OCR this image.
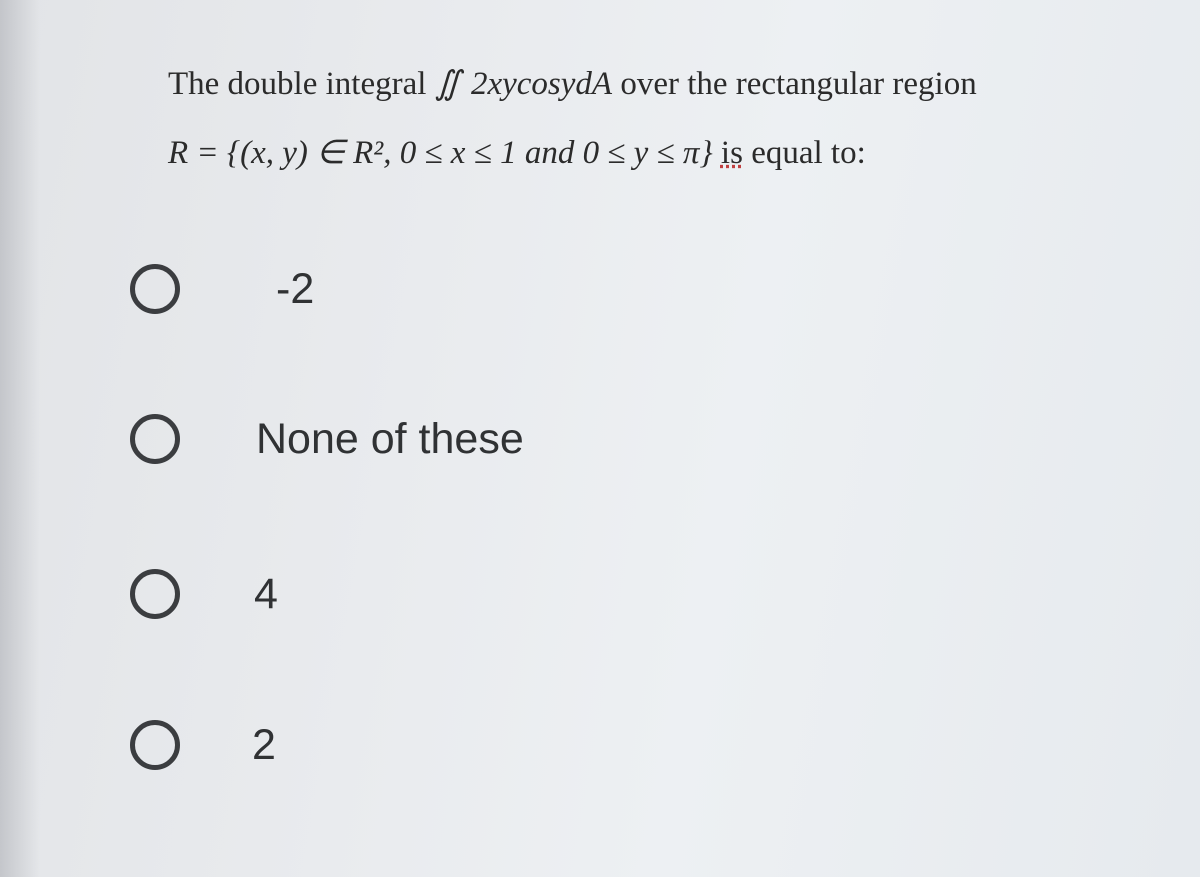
The double integral ∬ 2xycosydA over the rectangular region
R = {(x, y) ∈ R², 0 ≤ x ≤ 1 and 0 ≤ y ≤ π} is equal to:
-2
None of these
4
2
